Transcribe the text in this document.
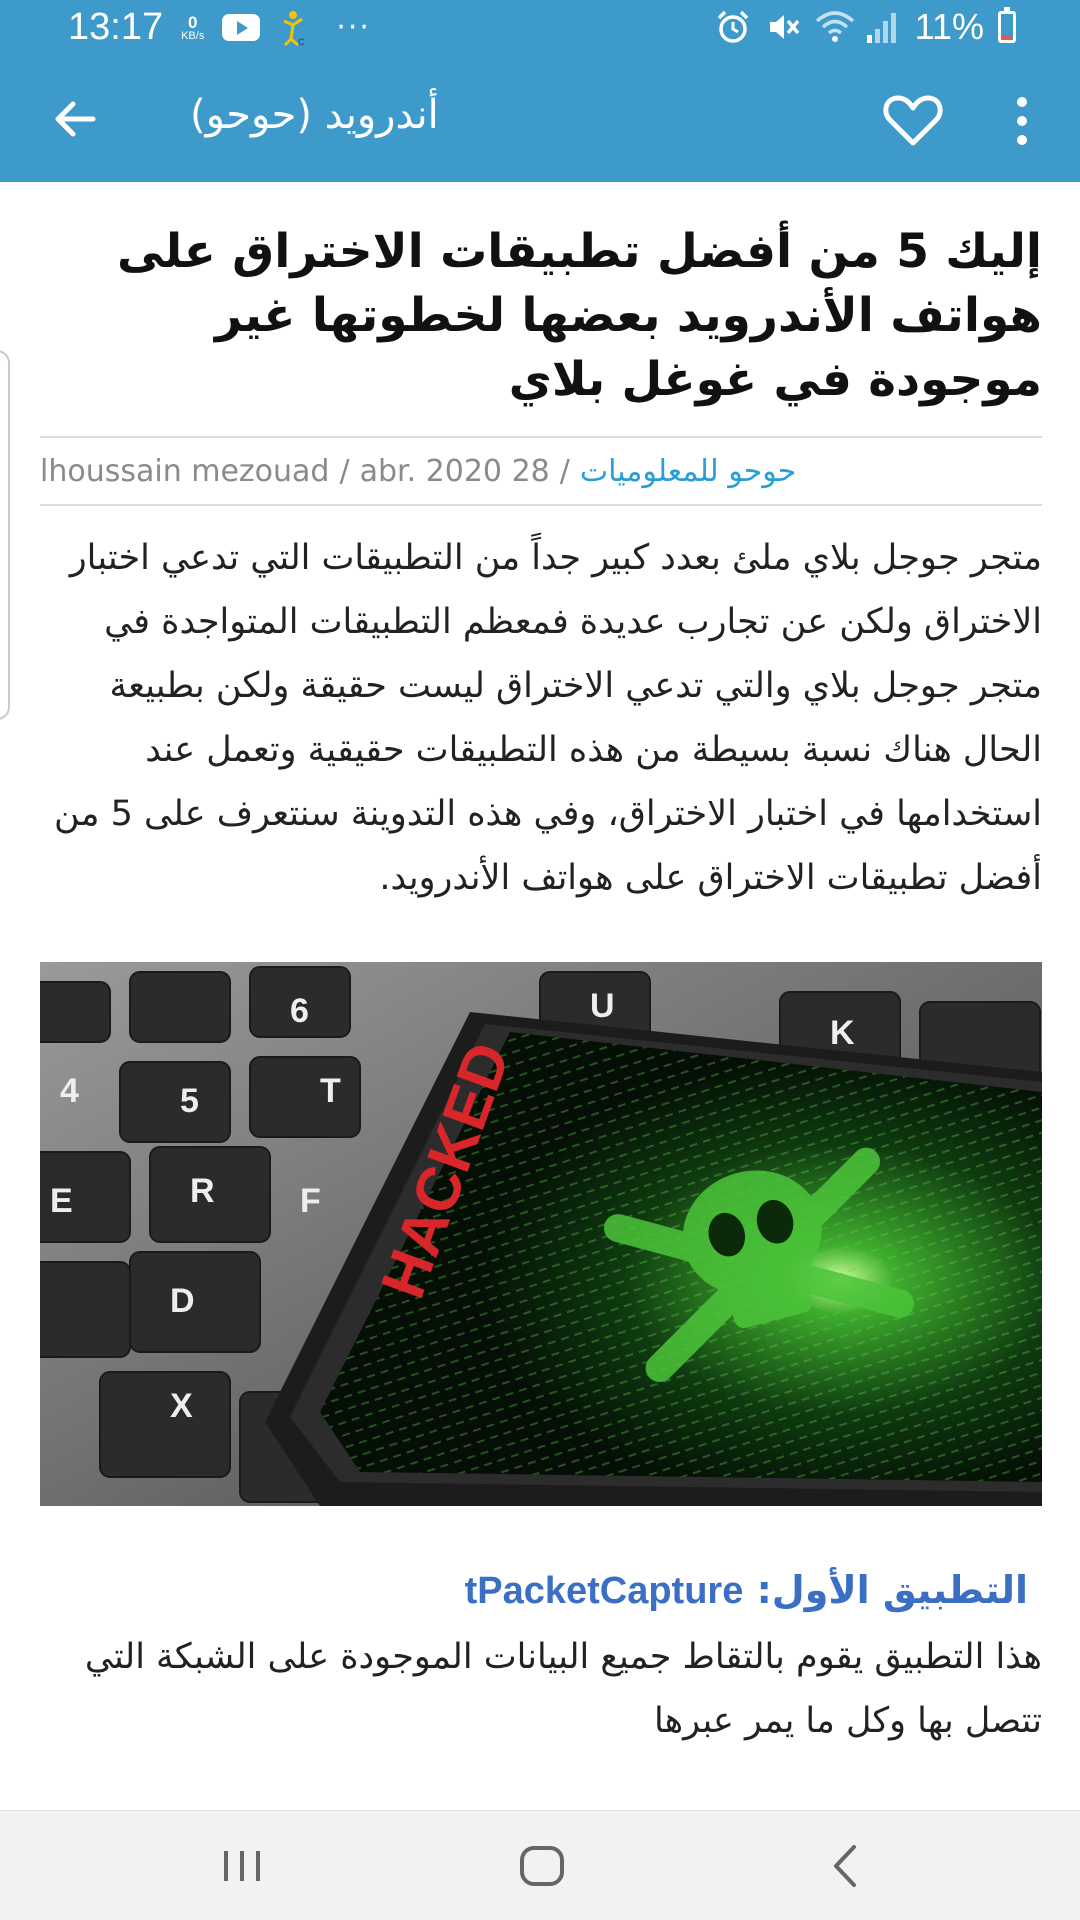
13:17 0
KB/s	C ···	11%
أندرويد (حوحو)
إليك 5 من أفضل تطبيقات الاختراق على هواتف الأندرويد بعضها لخطوتها غير موجودة في غوغل بلاي
حوحو للمعلوميات
/
28 abr. 2020
/
lhoussain mezouad

متجر جوجل بلاي ملئ بعدد كبير جداً من التطبيقات التي تدعي اختبار الاختراق ولكن عن تجارب عديدة فمعظم التطبيقات المتواجدة في متجر جوجل بلاي والتي تدعي الاختراق ليست حقيقة ولكن بطبيعة الحال هناك نسبة بسيطة من هذه التطبيقات حقيقية وتعمل عند استخدامها في اختبار الاختراق، وفي هذه التدوينة سنتعرف على 5 من أفضل تطبيقات الاختراق على هواتف الأندرويد.

U
K
5
6
T
R
4
E	F
D
X
HACKED
التطبيق الأول: tPacketCapture

هذا التطبيق يقوم بالتقاط جميع البيانات الموجودة على الشبكة التي تتصل بها وكل ما يمر عبرها
